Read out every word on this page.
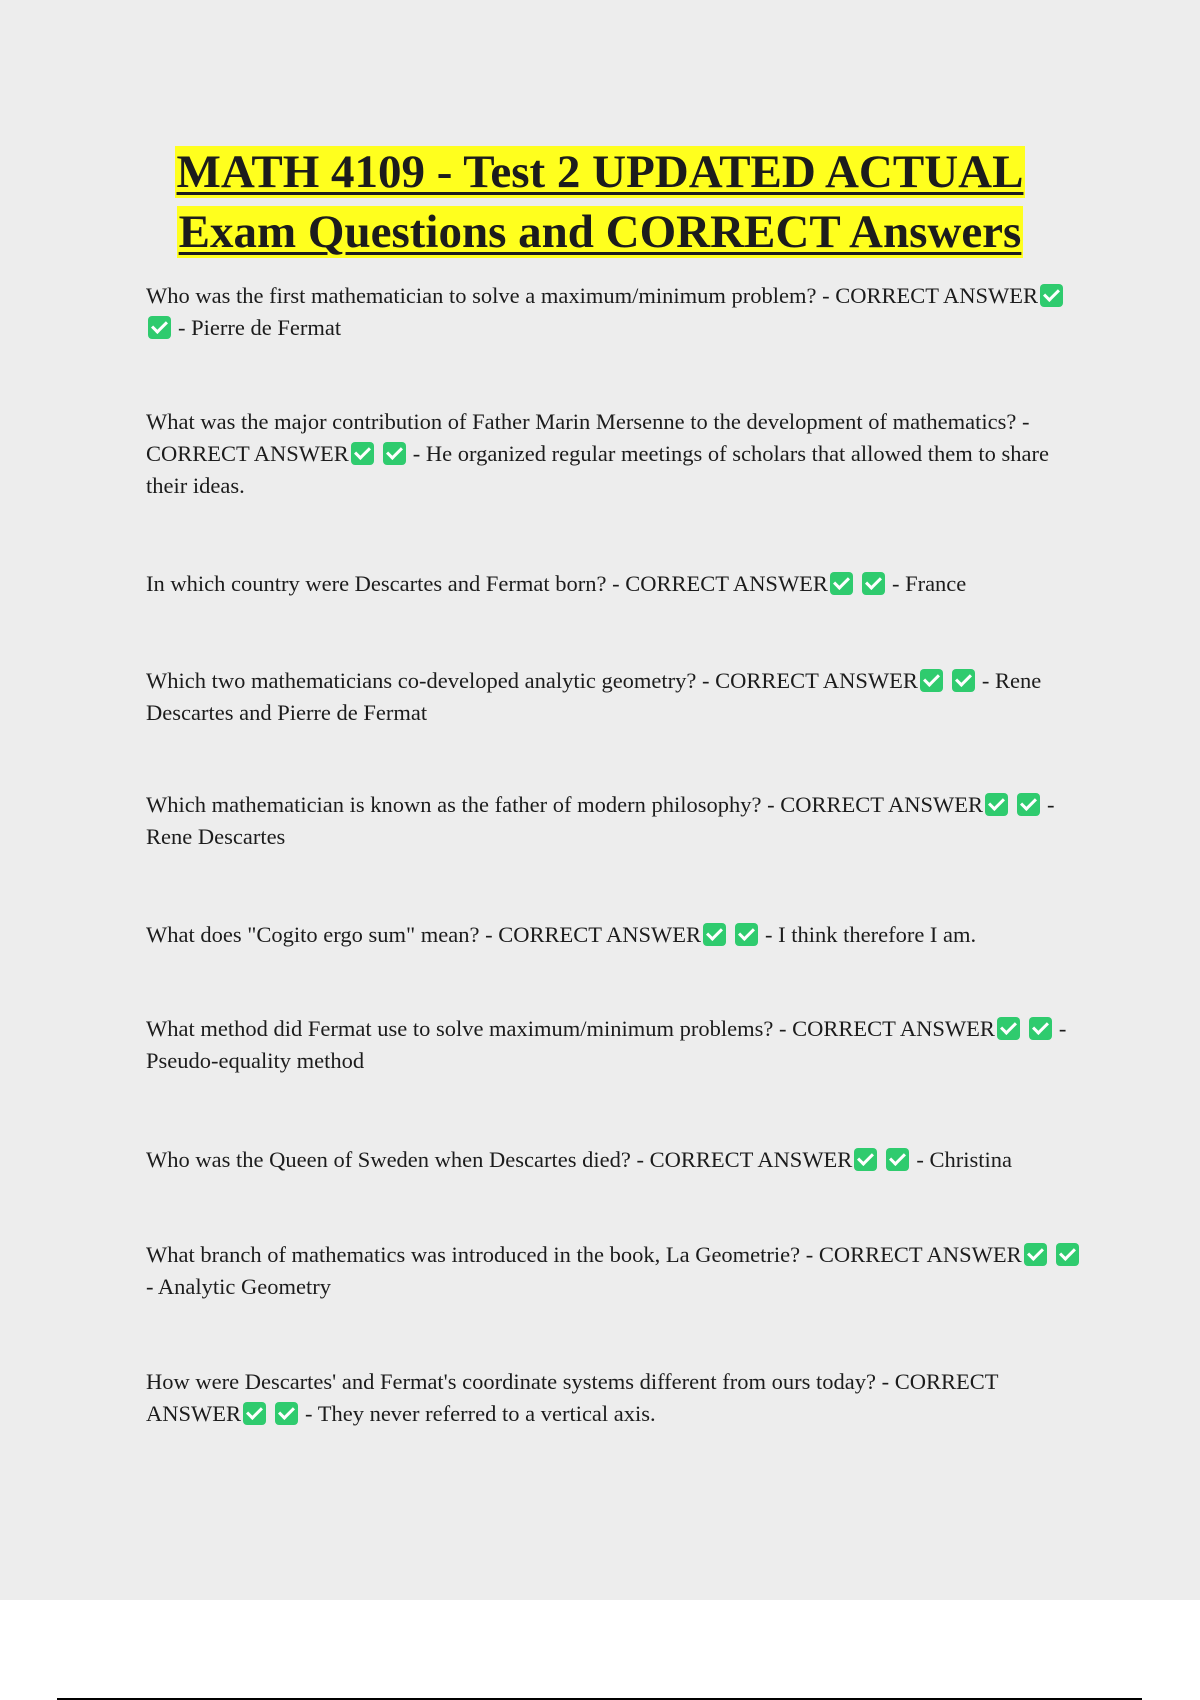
MATH 4109 - Test 2 UPDATED ACTUAL Exam Questions and CORRECT Answers
Who was the first mathematician to solve a maximum/minimum problem? - CORRECT ANSWER- Pierre de Fermat
What was the major contribution of Father Marin Mersenne to the development of mathematics? - CORRECT ANSWER	- He organized regular meetings of scholars that allowed them to share their ideas.
In which country were Descartes and Fermat born? - CORRECT ANSWER	- France
Which two mathematicians co-developed analytic geometry? - CORRECT ANSWER	- Rene Descartes and Pierre de Fermat
Which mathematician is known as the father of modern philosophy? - CORRECT ANSWER	- Rene Descartes
What does "Cogito ergo sum" mean? - CORRECT ANSWER	- I think therefore I am.
What method did Fermat use to solve maximum/minimum problems? - CORRECT ANSWER	- Pseudo-equality method
Who was the Queen of Sweden when Descartes died? - CORRECT ANSWER	- Christina
What branch of mathematics was introduced in the book, La Geometrie? - CORRECT ANSWER- Analytic Geometry
How were Descartes' and Fermat's coordinate systems different from ours today? - CORRECT ANSWER	- They never referred to a vertical axis.
